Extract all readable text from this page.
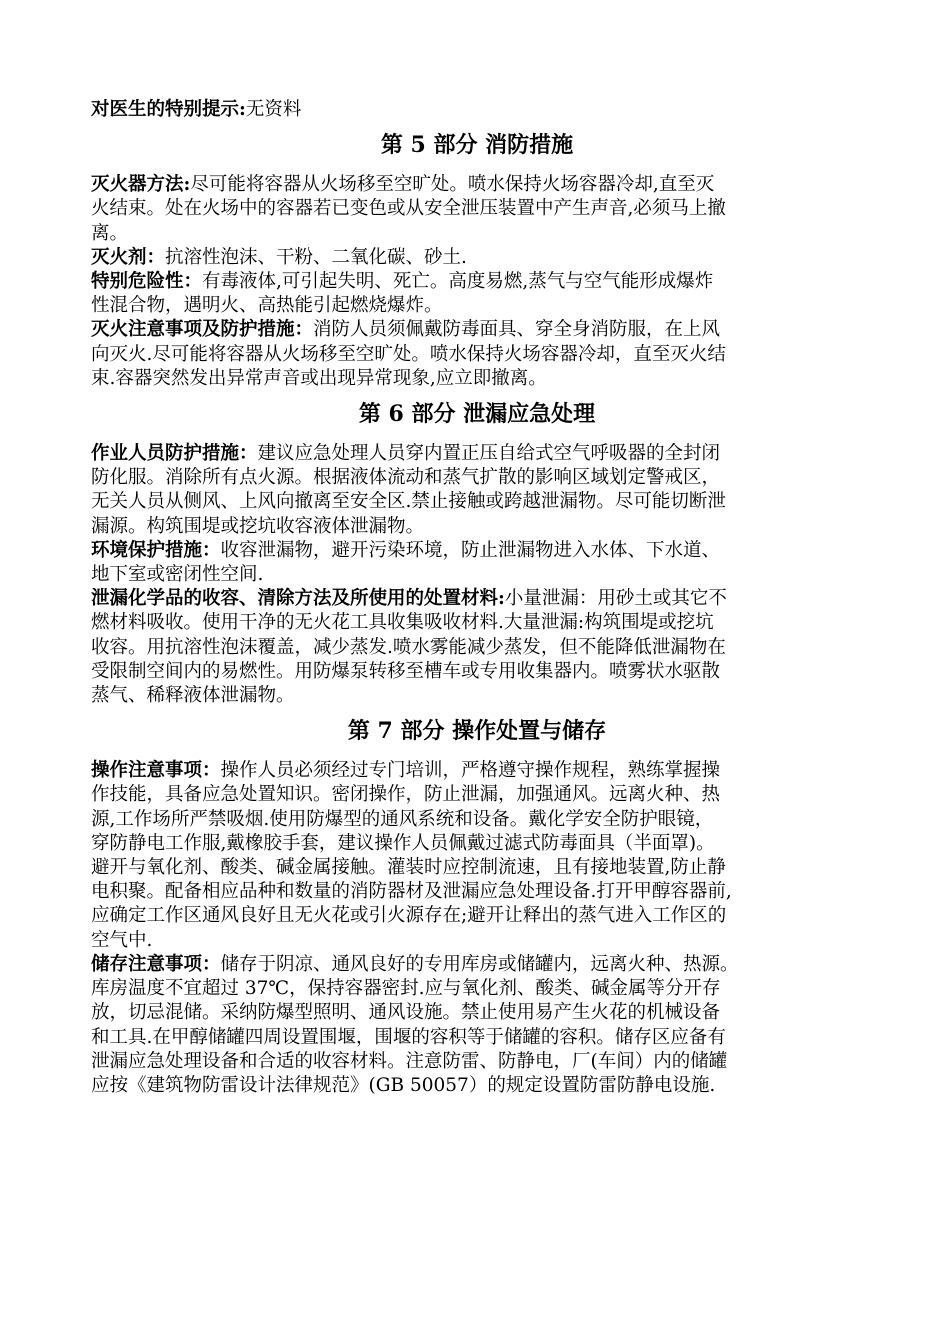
对医生的特别提示:无资料
第 5 部分 消防措施
灭火器方法:尽可能将容器从火场移至空旷处。喷水保持火场容器冷却,直至灭
火结束。处在火场中的容器若已变色或从安全泄压装置中产生声音,必须马上撤
离。
灭火剂：抗溶性泡沫、干粉、二氧化碳、砂土.
特别危险性：有毒液体,可引起失明、死亡。高度易燃,蒸气与空气能形成爆炸
性混合物，遇明火、高热能引起燃烧爆炸。
灭火注意事项及防护措施：消防人员须佩戴防毒面具、穿全身消防服，在上风
向灭火.尽可能将容器从火场移至空旷处。喷水保持火场容器冷却，直至灭火结
束.容器突然发出异常声音或出现异常现象,应立即撤离。
第 6 部分 泄漏应急处理
作业人员防护措施：建议应急处理人员穿内置正压自给式空气呼吸器的全封闭
防化服。消除所有点火源。根据液体流动和蒸气扩散的影响区域划定警戒区，
无关人员从侧风、上风向撤离至安全区.禁止接触或跨越泄漏物。尽可能切断泄
漏源。构筑围堤或挖坑收容液体泄漏物。
环境保护措施：收容泄漏物，避开污染环境，防止泄漏物进入水体、下水道、
地下室或密闭性空间.
泄漏化学品的收容、清除方法及所使用的处置材料:小量泄漏：用砂土或其它不
燃材料吸收。使用干净的无火花工具收集吸收材料.大量泄漏:构筑围堤或挖坑
收容。用抗溶性泡沫覆盖，减少蒸发.喷水雾能减少蒸发，但不能降低泄漏物在
受限制空间内的易燃性。用防爆泵转移至槽车或专用收集器内。喷雾状水驱散
蒸气、稀释液体泄漏物。
第 7 部分 操作处置与储存
操作注意事项：操作人员必须经过专门培训，严格遵守操作规程，熟练掌握操
作技能，具备应急处置知识。密闭操作，防止泄漏，加强通风。远离火种、热
源,工作场所严禁吸烟.使用防爆型的通风系统和设备。戴化学安全防护眼镜，
穿防静电工作服,戴橡胶手套，建议操作人员佩戴过滤式防毒面具（半面罩)。
避开与氧化剂、酸类、碱金属接触。灌装时应控制流速，且有接地装置,防止静
电积聚。配备相应品种和数量的消防器材及泄漏应急处理设备.打开甲醇容器前,
应确定工作区通风良好且无火花或引火源存在;避开让释出的蒸气进入工作区的
空气中.
储存注意事项：储存于阴凉、通风良好的专用库房或储罐内，远离火种、热源。
库房温度不宜超过 37℃，保持容器密封.应与氧化剂、酸类、碱金属等分开存
放，切忌混储。采纳防爆型照明、通风设施。禁止使用易产生火花的机械设备
和工具.在甲醇储罐四周设置围堰，围堰的容积等于储罐的容积。储存区应备有
泄漏应急处理设备和合适的收容材料。注意防雷、防静电，厂(车间）内的储罐
应按《建筑物防雷设计法律规范》(GB 50057）的规定设置防雷防静电设施.
